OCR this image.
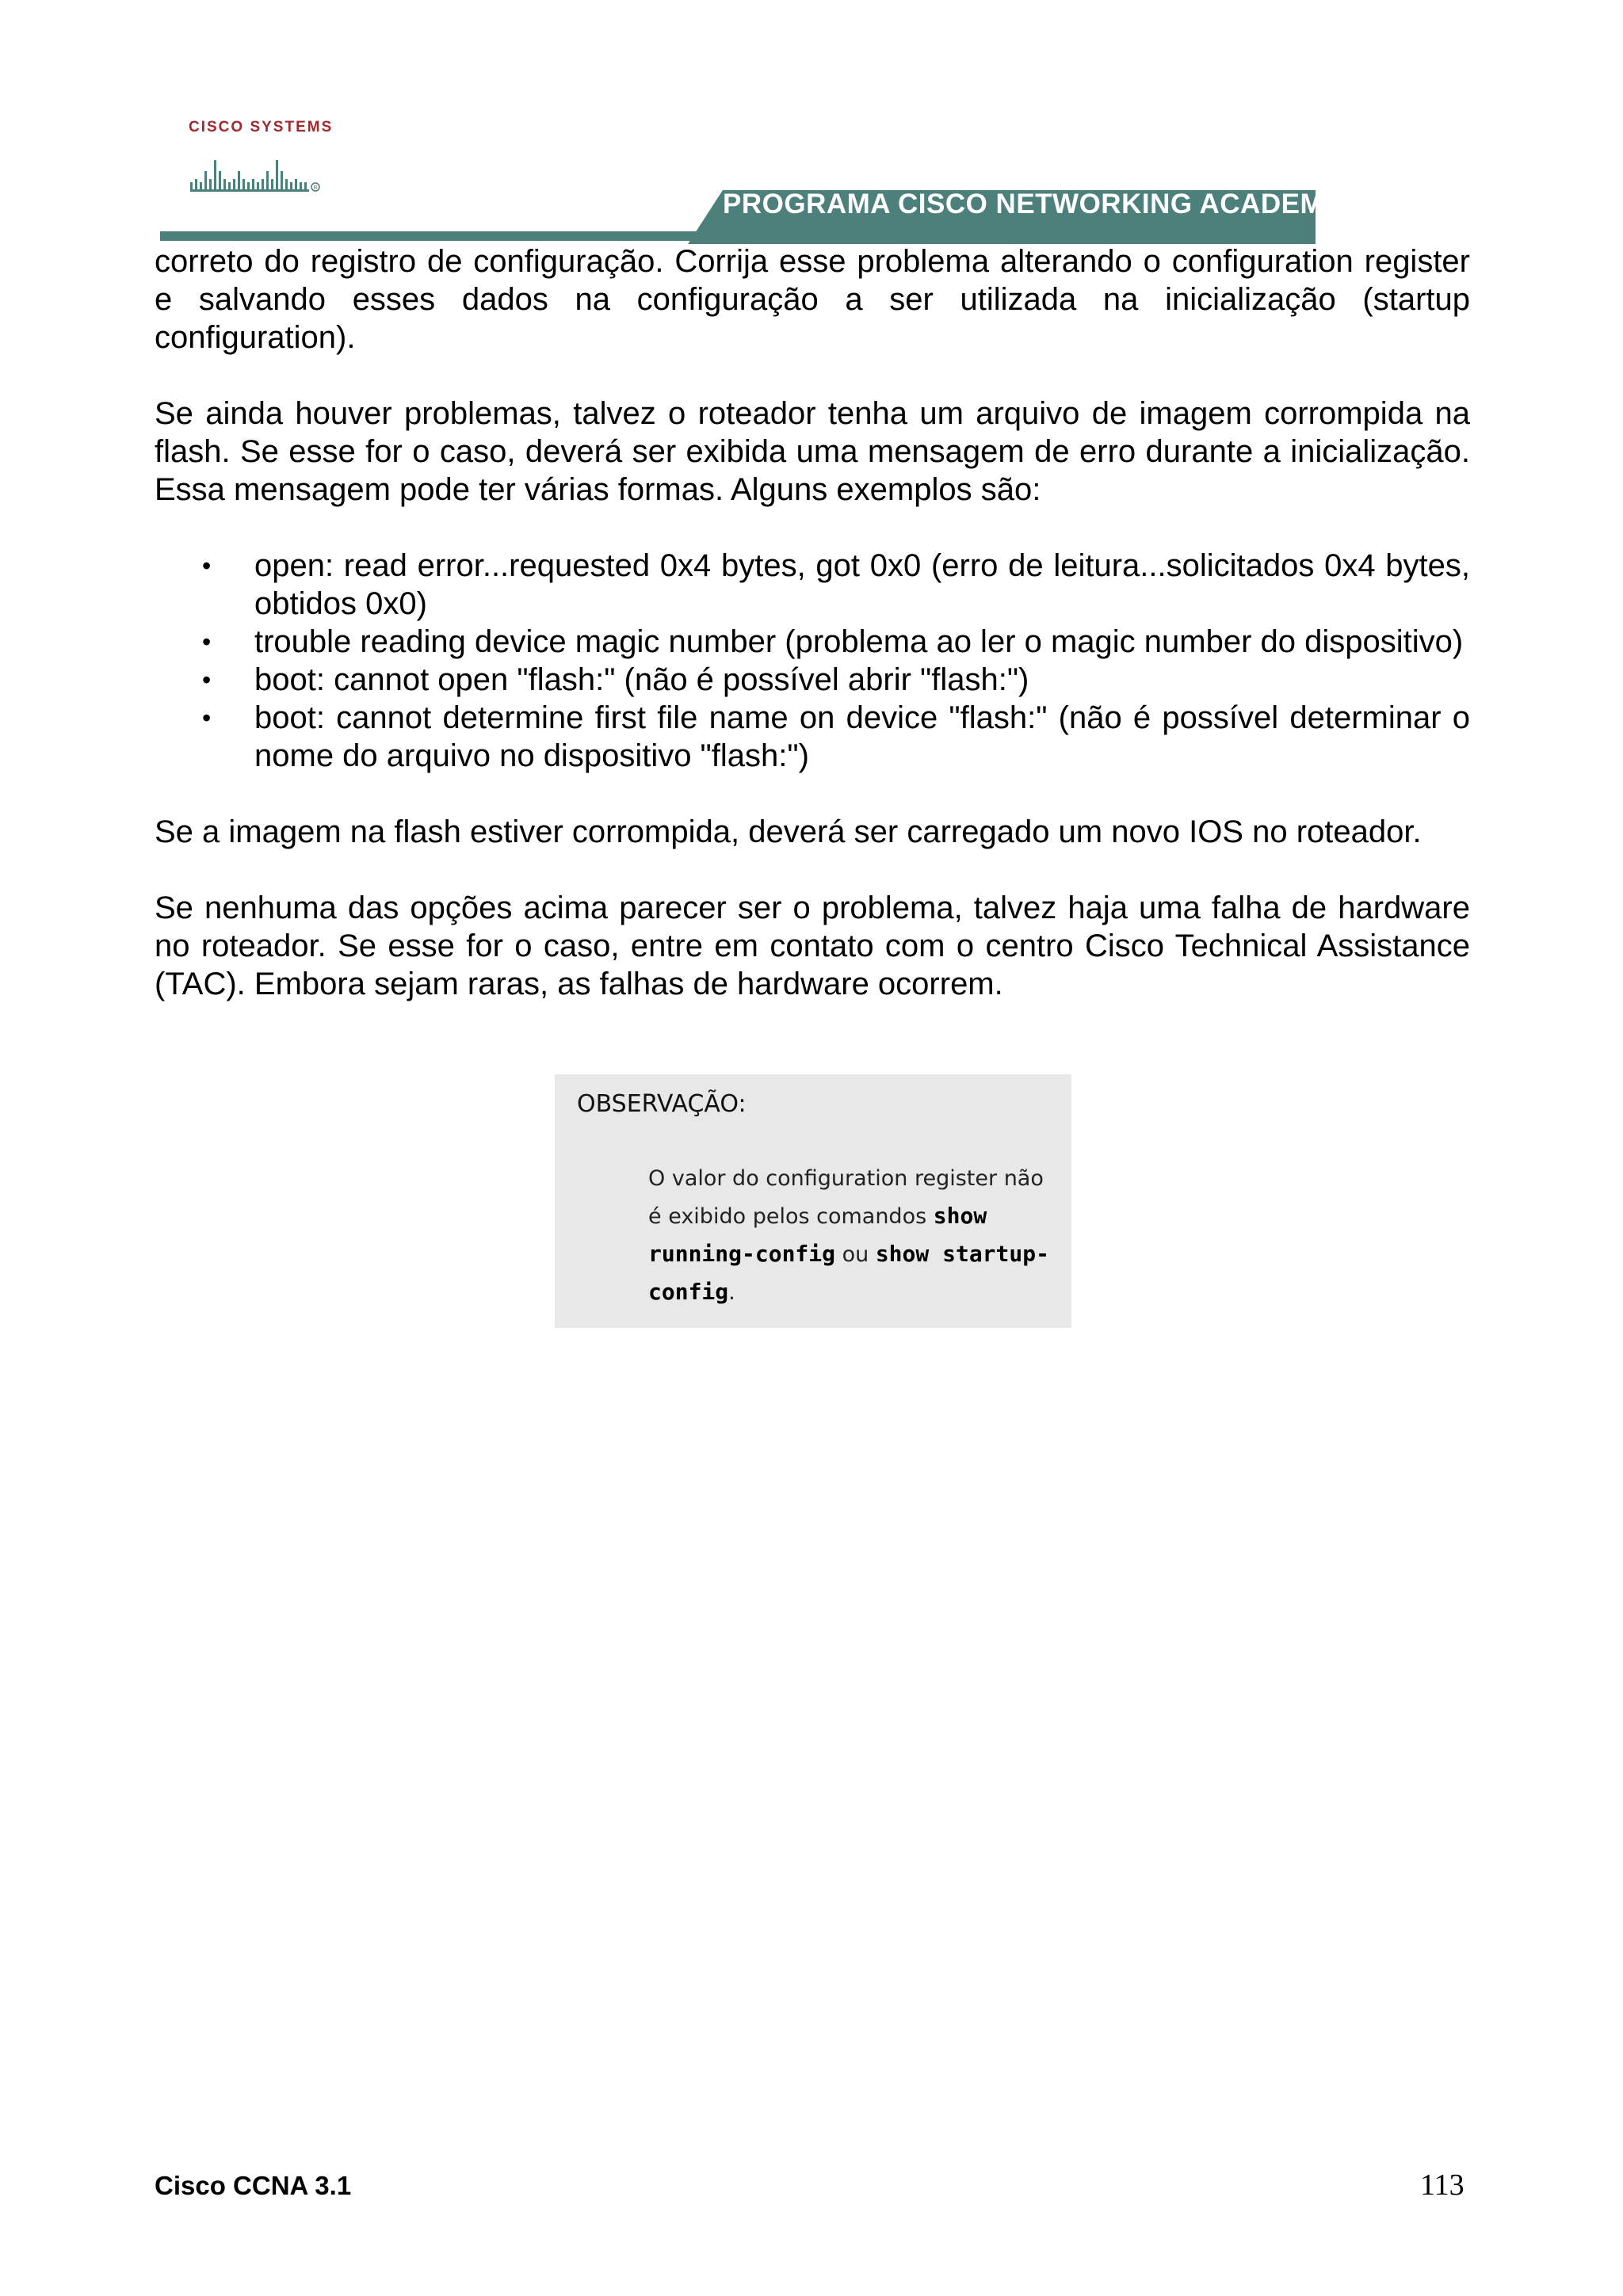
CISCO SYSTEMS
R
PROGRAMA CISCO NETWORKING ACADEMY

correto do registro de configuração. Corrija esse problema alterando o configuration register e salvando esses dados na configuração a ser utilizada na inicialização (startup configuration).

Se ainda houver problemas, talvez o roteador tenha um arquivo de imagem corrompida na flash. Se esse for o caso, deverá ser exibida uma mensagem de erro durante a inicialização. Essa mensagem pode ter várias formas. Alguns exemplos são:

• open: read error...requested 0x4 bytes, got 0x0 (erro de leitura...solicitados 0x4 bytes, obtidos 0x0)
• trouble reading device magic number (problema ao ler o magic number do dispositivo)
• boot: cannot open "flash:" (não é possível abrir "flash:")
• boot: cannot determine first file name on device "flash:" (não é possível determinar o nome do arquivo no dispositivo "flash:")

Se a imagem na flash estiver corrompida, deverá ser carregado um novo IOS no roteador.

Se nenhuma das opções acima parecer ser o problema, talvez haja uma falha de hardware no roteador. Se esse for o caso, entre em contato com o centro Cisco Technical Assistance (TAC). Embora sejam raras, as falhas de hardware ocorrem.

OBSERVAÇÃO:
O valor do configuration register não é exibido pelos comandos show running-config ou show startup-config.
Cisco CCNA 3.1	113
